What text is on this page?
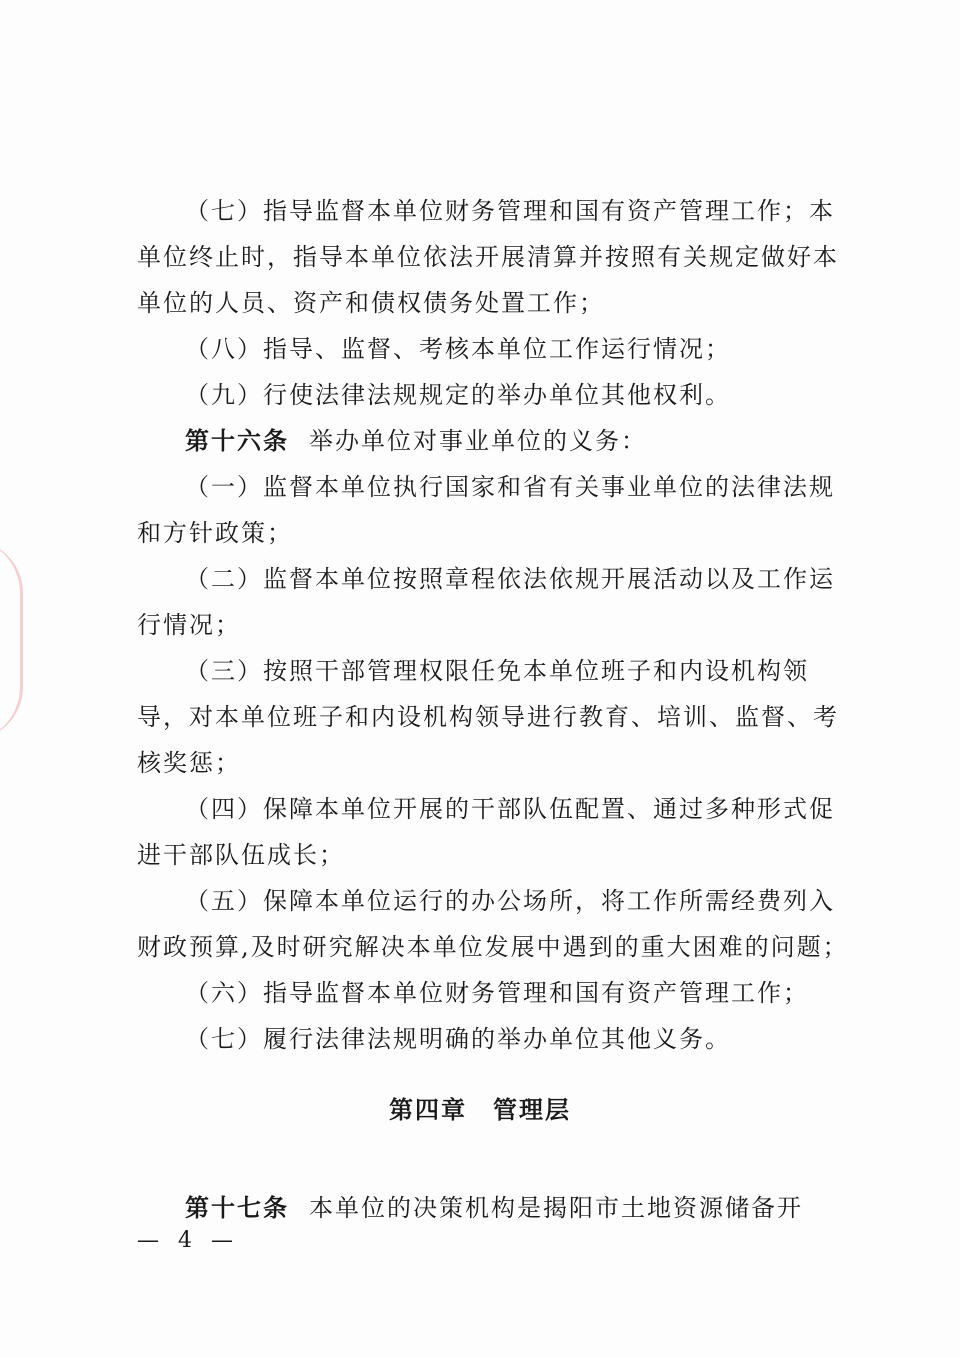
（七）指导监督本单位财务管理和国有资产管理工作；本
单位终止时，指导本单位依法开展清算并按照有关规定做好本
单位的人员、资产和债权债务处置工作；
（八）指导、监督、考核本单位工作运行情况；
（九）行使法律法规规定的举办单位其他权利。
第十六条 举办单位对事业单位的义务：
（一）监督本单位执行国家和省有关事业单位的法律法规
和方针政策；
（二）监督本单位按照章程依法依规开展活动以及工作运
行情况；
（三）按照干部管理权限任免本单位班子和内设机构领
导，对本单位班子和内设机构领导进行教育、培训、监督、考
核奖惩；
（四）保障本单位开展的干部队伍配置、通过多种形式促
进干部队伍成长；
（五）保障本单位运行的办公场所，将工作所需经费列入
财政预算,及时研究解决本单位发展中遇到的重大困难的问题；
（六）指导监督本单位财务管理和国有资产管理工作；
（七）履行法律法规明确的举办单位其他义务。
第四章 管理层
第十七条 本单位的决策机构是揭阳市土地资源储备开
— 4 —
